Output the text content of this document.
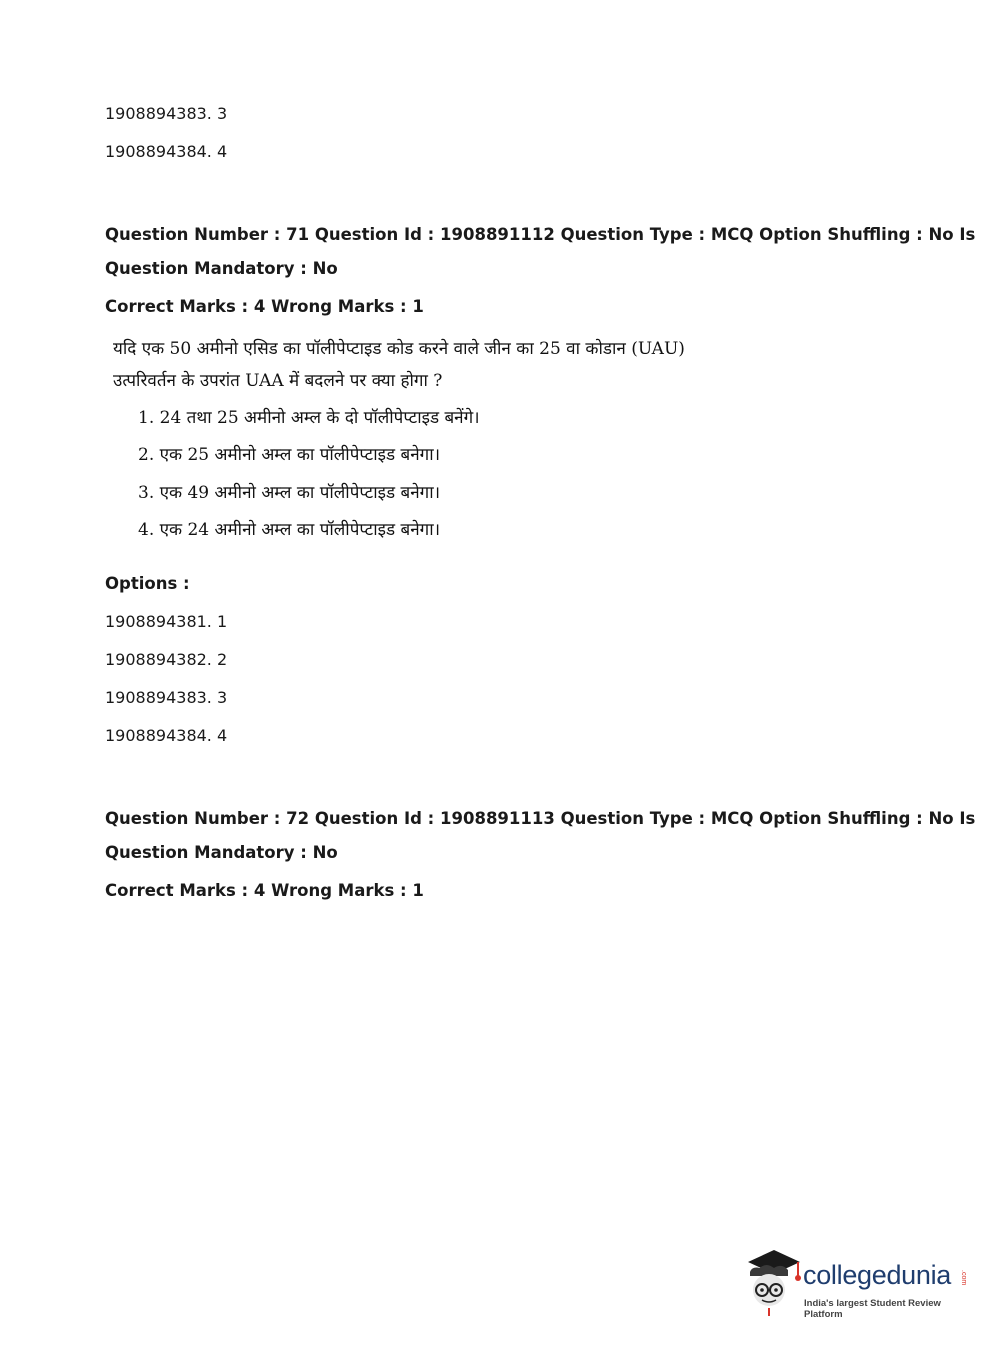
1908894383. 3
1908894384. 4
Question Number : 71 Question Id : 1908891112 Question Type : MCQ Option Shuffling : No Is
Question Mandatory : No
Correct Marks : 4 Wrong Marks : 1
यदि एक 50 अमीनो एसिड का पॉलीपेप्टाइड कोड करने वाले जीन का 25 वा कोडान (UAU)
उत्परिवर्तन के उपरांत UAA में बदलने पर क्या होगा ?
1. 24 तथा 25 अमीनो अम्ल के दो पॉलीपेप्टाइड बनेंगे।
2. एक 25 अमीनो अम्ल का पॉलीपेप्टाइड बनेगा।
3. एक 49 अमीनो अम्ल का पॉलीपेप्टाइड बनेगा।
4. एक 24 अमीनो अम्ल का पॉलीपेप्टाइड बनेगा।
Options :
1908894381. 1
1908894382. 2
1908894383. 3
1908894384. 4
Question Number : 72 Question Id : 1908891113 Question Type : MCQ Option Shuffling : No Is
Question Mandatory : No
Correct Marks : 4 Wrong Marks : 1
collegedunia .com
India's largest Student Review Platform
